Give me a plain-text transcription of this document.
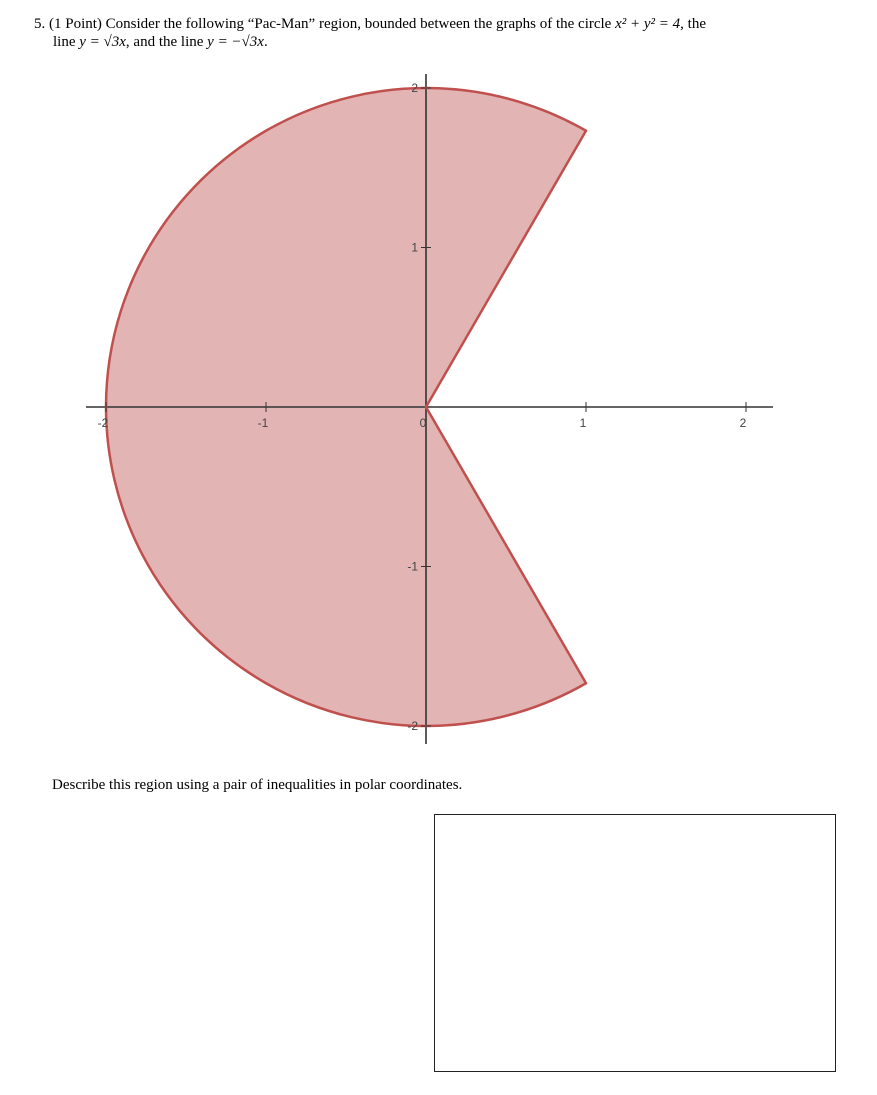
5. (1 Point) Consider the following “Pac-Man” region, bounded between the graphs of the circle x² + y² = 4, the
line y = √3x, and the line y = −√3x.
-2	-1	0	1	2
2
1
-1
-2
Describe this region using a pair of inequalities in polar coordinates.
